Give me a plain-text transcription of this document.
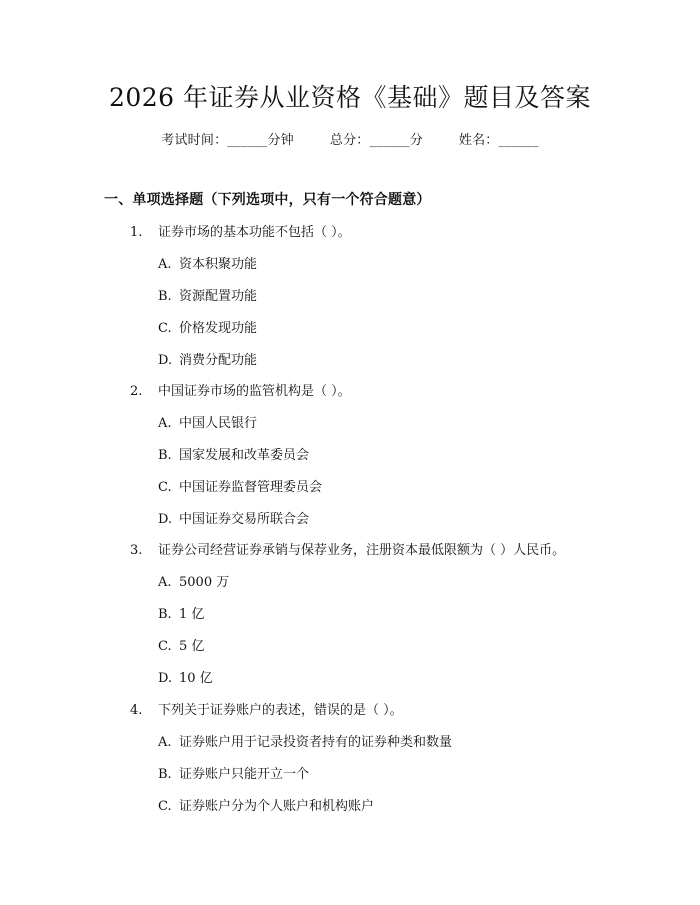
2026 年证券从业资格《基础》题目及答案
考试时间：______分钟	总分：______分	姓名：______
一、单项选择题（下列选项中，只有一个符合题意）
1. 证券市场的基本功能不包括（ ）。
A. 资本积聚功能
B. 资源配置功能
C. 价格发现功能
D. 消费分配功能
2. 中国证券市场的监管机构是（ ）。
A. 中国人民银行
B. 国家发展和改革委员会
C. 中国证券监督管理委员会
D. 中国证券交易所联合会
3. 证券公司经营证券承销与保荐业务，注册资本最低限额为（ ）人民币。
A. 5000 万
B. 1 亿
C. 5 亿
D. 10 亿
4. 下列关于证券账户的表述，错误的是（ ）。
A. 证券账户用于记录投资者持有的证券种类和数量
B. 证券账户只能开立一个
C. 证券账户分为个人账户和机构账户
